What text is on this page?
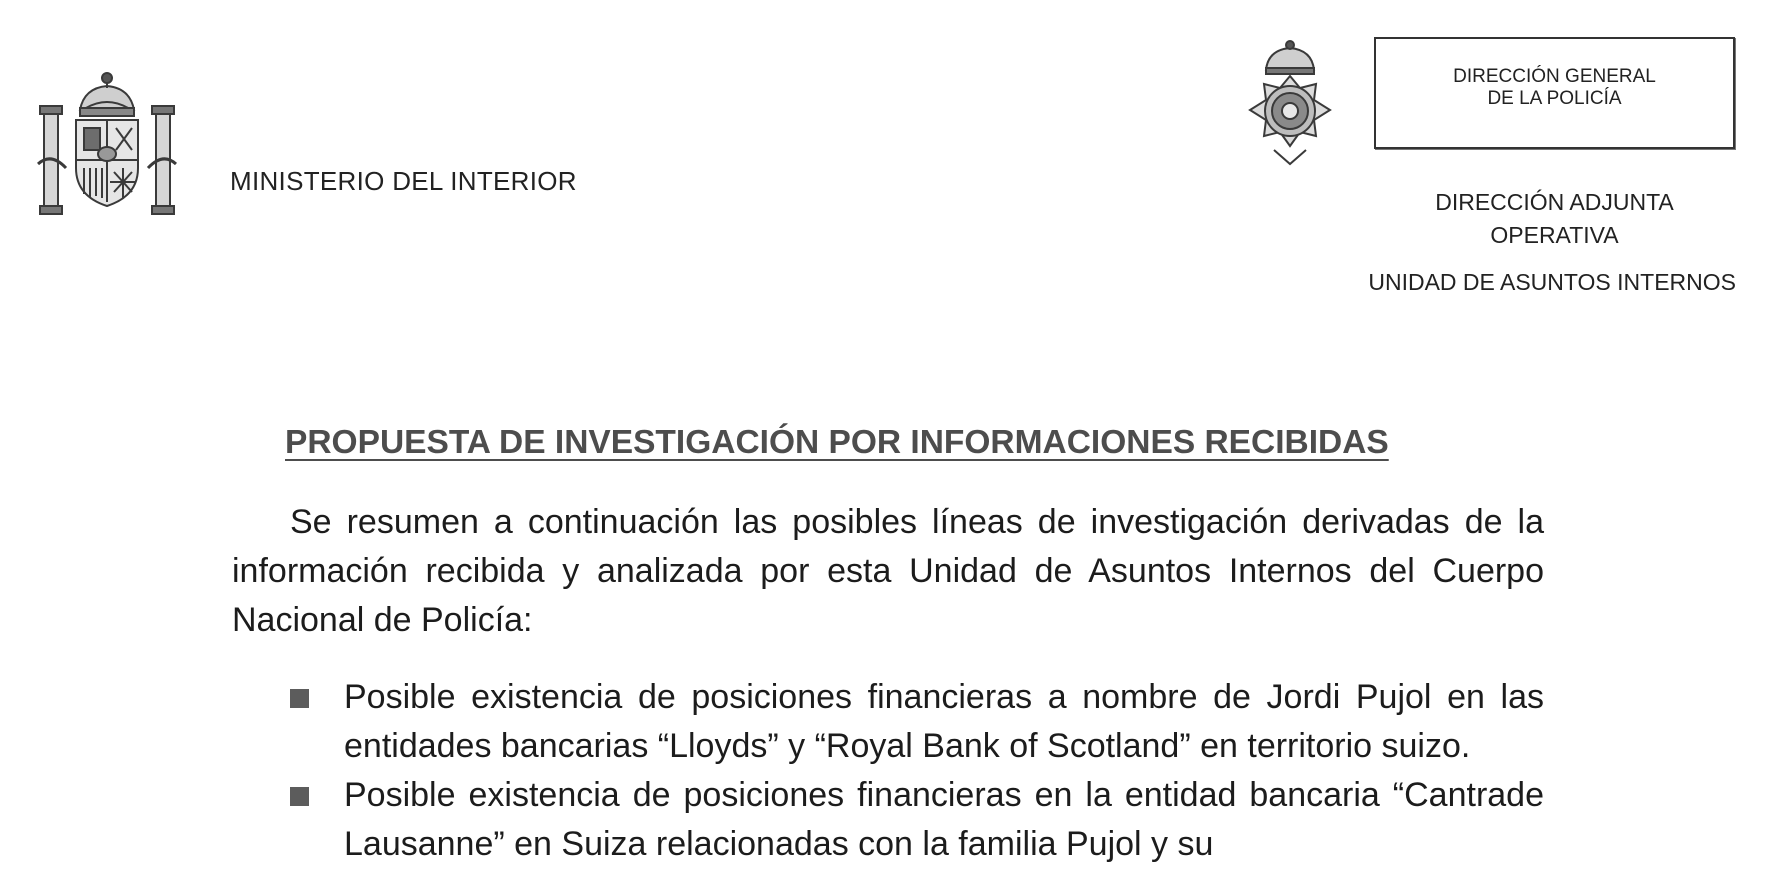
MINISTERIO DEL INTERIOR
DIRECCIÓN GENERAL
DE LA POLICÍA
DIRECCIÓN ADJUNTA
OPERATIVA
UNIDAD DE ASUNTOS INTERNOS
PROPUESTA DE INVESTIGACIÓN POR INFORMACIONES RECIBIDAS

Se resumen a continuación las posibles líneas de investigación derivadas de la información recibida y analizada por esta Unidad de Asuntos Internos del Cuerpo Nacional de Policía:

Posible existencia de posiciones financieras a nombre de Jordi Pujol en las entidades bancarias “Lloyds” y “Royal Bank of Scotland” en territorio suizo.
Posible existencia de posiciones financieras en la entidad bancaria “Cantrade Lausanne” en Suiza relacionadas con la familia Pujol y su
